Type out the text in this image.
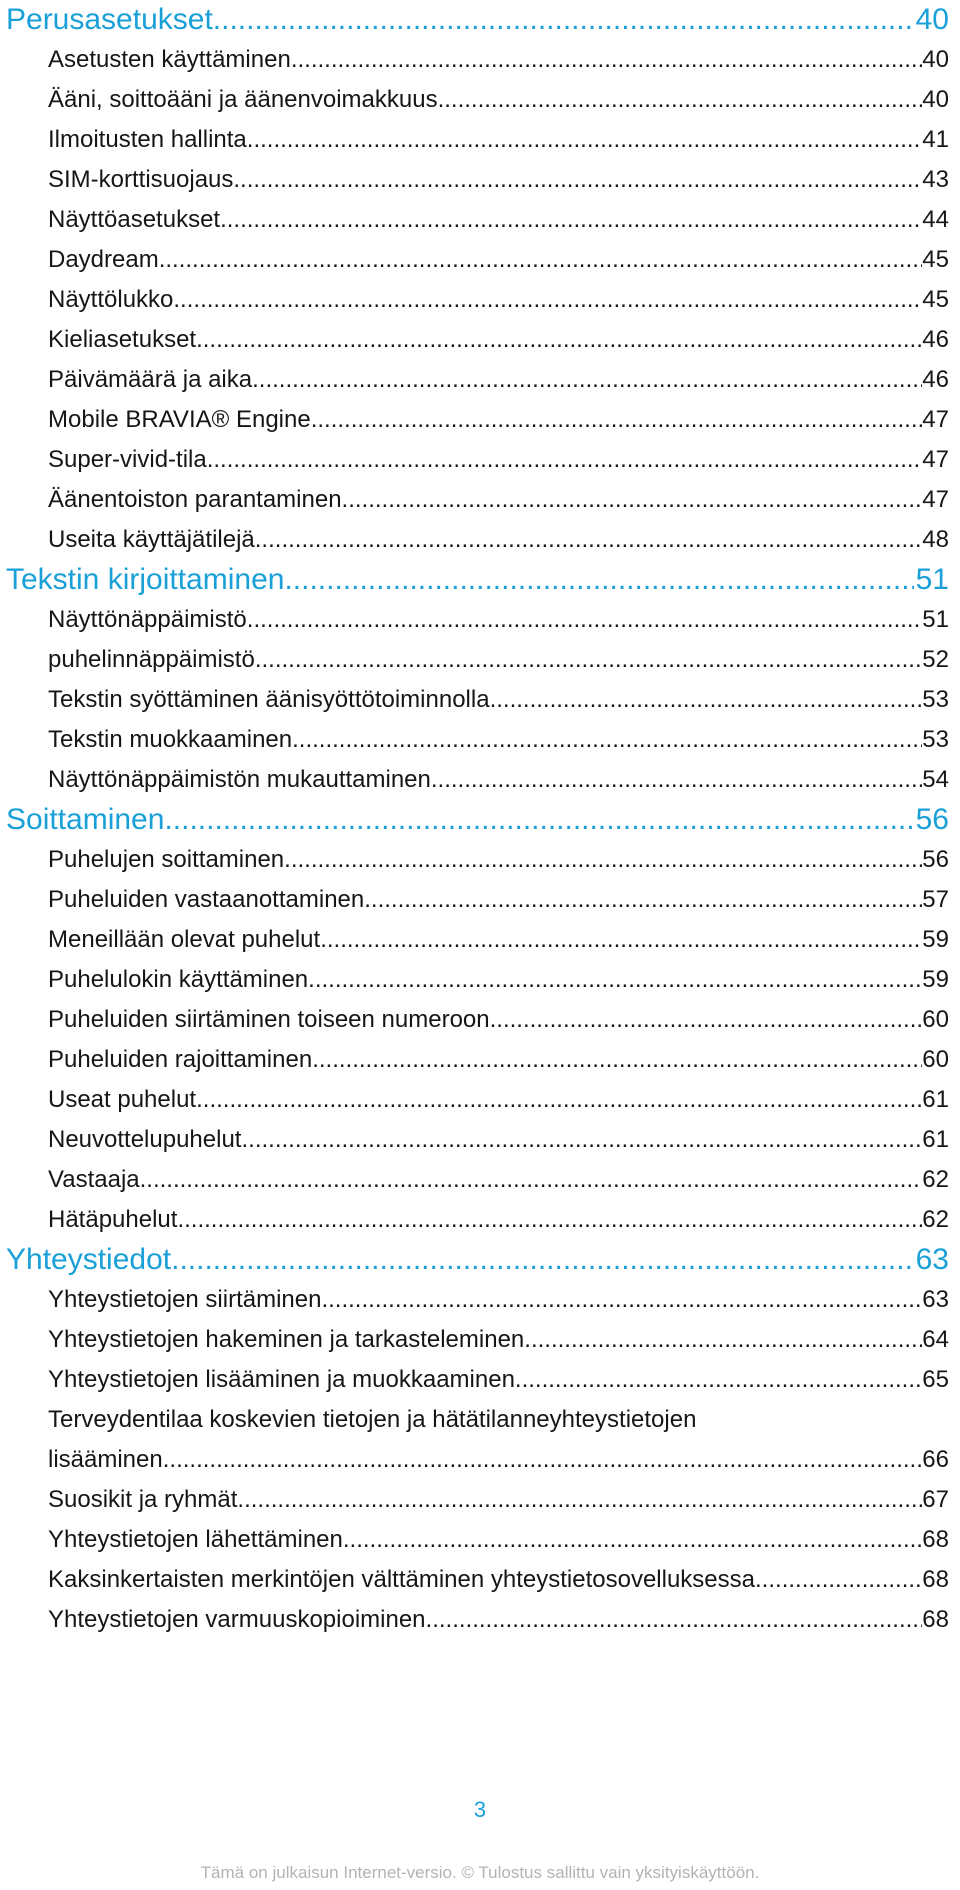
Perusasetukset .....	40
Asetusten käyttäminen .....	40
Ääni, soittoääni ja äänenvoimakkuus .....	40
Ilmoitusten hallinta .....	41
SIM-korttisuojaus .....	43
Näyttöasetukset .....	44
Daydream .....	45
Näyttölukko .....	45
Kieliasetukset .....	46
Päivämäärä ja aika .....	46
Mobile BRAVIA® Engine .....	47
Super-vivid-tila .....	47
Äänentoiston parantaminen .....	47
Useita käyttäjätilejä .....	48
Tekstin kirjoittaminen .....	51
Näyttönäppäimistö .....	51
puhelinnäppäimistö .....	52
Tekstin syöttäminen äänisyöttötoiminnolla .....	53
Tekstin muokkaaminen .....	53
Näyttönäppäimistön mukauttaminen .....	54
Soittaminen .....	56
Puhelujen soittaminen .....	56
Puheluiden vastaanottaminen .....	57
Meneillään olevat puhelut .....	59
Puhelulokin käyttäminen .....	59
Puheluiden siirtäminen toiseen numeroon .....	60
Puheluiden rajoittaminen .....	60
Useat puhelut .....	61
Neuvottelupuhelut .....	61
Vastaaja .....	62
Hätäpuhelut .....	62
Yhteystiedot .....	63
Yhteystietojen siirtäminen .....	63
Yhteystietojen hakeminen ja tarkasteleminen .....	64
Yhteystietojen lisääminen ja muokkaaminen .....	65
Terveydentilaa koskevien tietojen ja hätätilanneyhteystietojen
lisääminen .....	66
Suosikit ja ryhmät .....	67
Yhteystietojen lähettäminen .....	68
Kaksinkertaisten merkintöjen välttäminen yhteystietosovelluksessa .....	68
Yhteystietojen varmuuskopioiminen .....	68
3
Tämä on julkaisun Internet-versio. © Tulostus sallittu vain yksityiskäyttöön.
